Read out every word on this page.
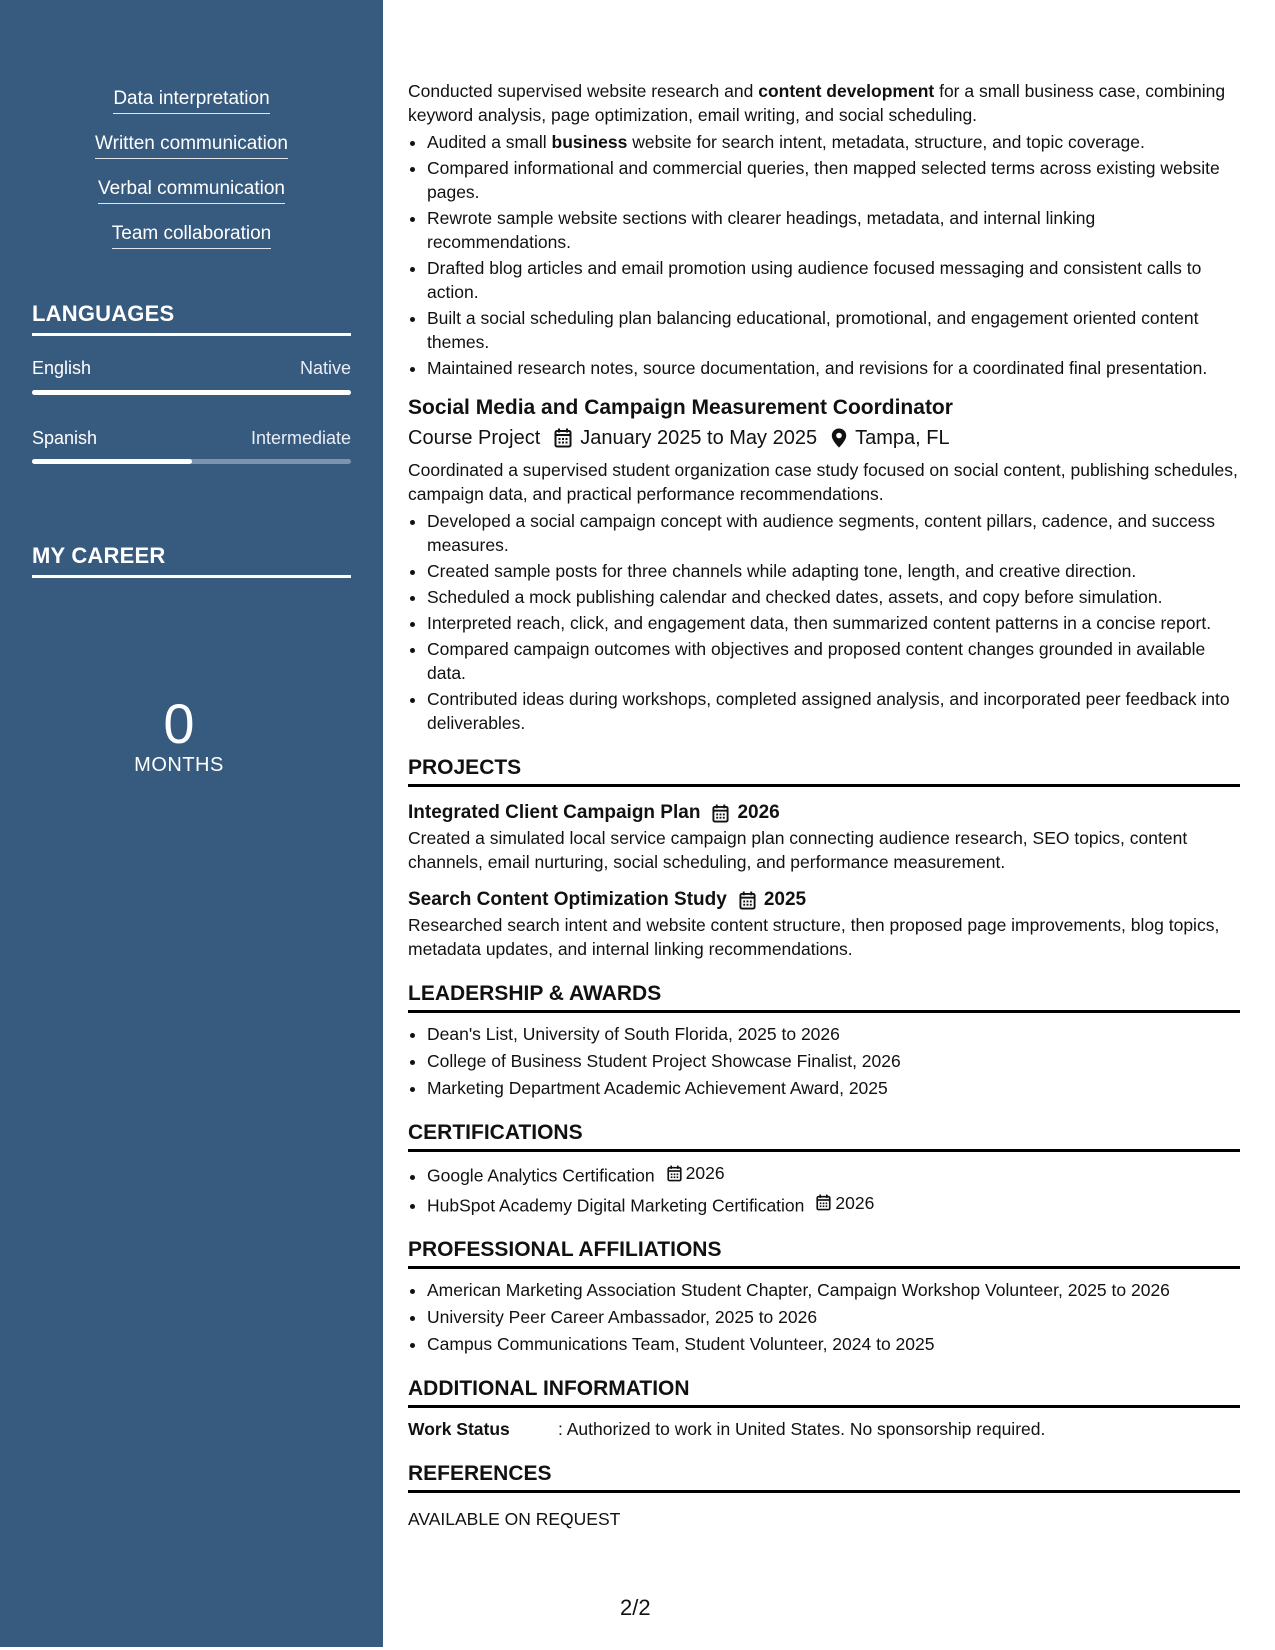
Data interpretation
Written communication
Verbal communication
Team collaboration
LANGUAGES
English	Native
Spanish	Intermediate
MY CAREER
0
MONTHS

Conducted supervised website research and content development for a small business case, combining keyword analysis, page optimization, email writing, and social scheduling.

• Audited a small business website for search intent, metadata, structure, and topic coverage.
• Compared informational and commercial queries, then mapped selected terms across existing website pages.
• Rewrote sample website sections with clearer headings, metadata, and internal linking recommendations.
• Drafted blog articles and email promotion using audience focused messaging and consistent calls to action.
• Built a social scheduling plan balancing educational, promotional, and engagement oriented content themes.
• Maintained research notes, source documentation, and revisions for a coordinated final presentation.
Social Media and Campaign Measurement Coordinator
Course Project January 2025 to May 2025 Tampa, FL

Coordinated a supervised student organization case study focused on social content, publishing schedules, campaign data, and practical performance recommendations.

• Developed a social campaign concept with audience segments, content pillars, cadence, and success measures.
• Created sample posts for three channels while adapting tone, length, and creative direction.
• Scheduled a mock publishing calendar and checked dates, assets, and copy before simulation.
• Interpreted reach, click, and engagement data, then summarized content patterns in a concise report.
• Compared campaign outcomes with objectives and proposed content changes grounded in available data.
• Contributed ideas during workshops, completed assigned analysis, and incorporated peer feedback into deliverables.
PROJECTS
Integrated Client Campaign Plan 2026

Created a simulated local service campaign plan connecting audience research, SEO topics, content channels, email nurturing, social scheduling, and performance measurement.

Search Content Optimization Study 2025

Researched search intent and website content structure, then proposed page improvements, blog topics, metadata updates, and internal linking recommendations.

LEADERSHIP & AWARDS
• Dean's List, University of South Florida, 2025 to 2026
• College of Business Student Project Showcase Finalist, 2026
• Marketing Department Academic Achievement Award, 2025
CERTIFICATIONS
• Google Analytics Certification 2026
• HubSpot Academy Digital Marketing Certification 2026
PROFESSIONAL AFFILIATIONS
• American Marketing Association Student Chapter, Campaign Workshop Volunteer, 2025 to 2026
• University Peer Career Ambassador, 2025 to 2026
• Campus Communications Team, Student Volunteer, 2024 to 2025
ADDITIONAL INFORMATION
Work Status	: Authorized to work in United States. No sponsorship required.
REFERENCES
AVAILABLE ON REQUEST
2/2
